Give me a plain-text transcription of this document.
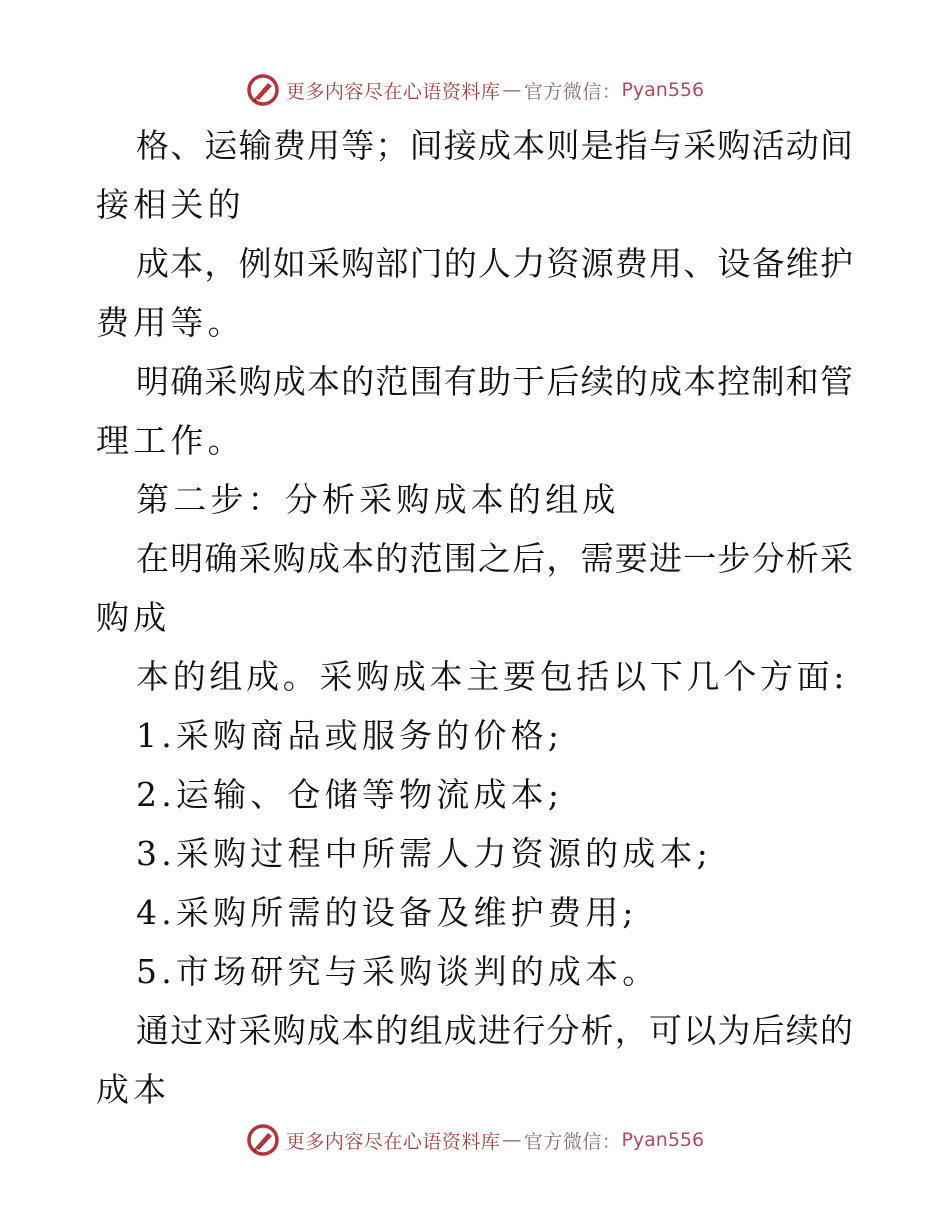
更多内容尽在心语资料库 — 官方微信： Pyan556
格、运输费用等；间接成本则是指与采购活动间
接相关的
成本，例如采购部门的人力资源费用、设备维护
费用等。
明确采购成本的范围有助于后续的成本控制和管
理工作。
第二步：分析采购成本的组成
在明确采购成本的范围之后，需要进一步分析采
购成
本的组成。采购成本主要包括以下几个方面:
1.采购商品或服务的价格;
2.运输、仓储等物流成本;
3.采购过程中所需人力资源的成本;
4.采购所需的设备及维护费用;
5.市场研究与采购谈判的成本。
通过对采购成本的组成进行分析，可以为后续的
成本
更多内容尽在心语资料库 — 官方微信： Pyan556
